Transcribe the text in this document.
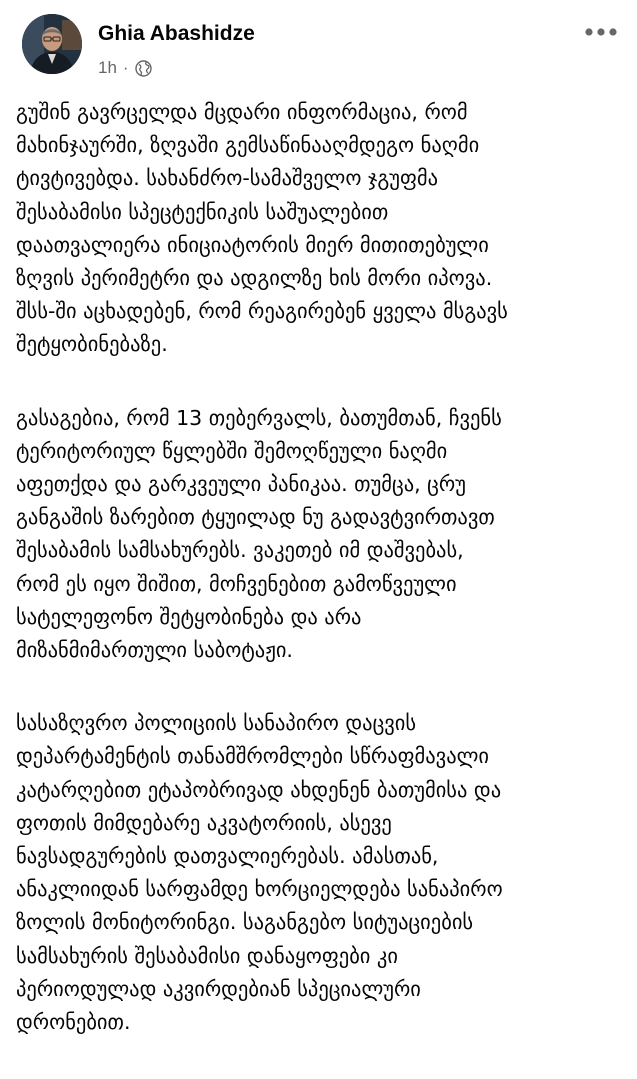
Ghia Abashidze
1h ·

გუშინ გავრცელდა მცდარი ინფორმაცია, რომ
მახინჯაურში, ზღვაში გემსაწინააღმდეგო ნაღმი
ტივტივებდა. სახანძრო-სამაშველო ჯგუფმა
შესაბამისი სპეცტექნიკის საშუალებით
დაათვალიერა ინიციატორის მიერ მითითებული
ზღვის პერიმეტრი და ადგილზე ხის მორი იპოვა.
შსს-ში აცხადებენ, რომ რეაგირებენ ყველა მსგავს
შეტყობინებაზე.

გასაგებია, რომ 13 თებერვალს, ბათუმთან, ჩვენს
ტერიტორიულ წყლებში შემოღწეული ნაღმი
აფეთქდა და გარკვეული პანიკაა. თუმცა, ცრუ
განგაშის ზარებით ტყუილად ნუ გადავტვირთავთ
შესაბამის სამსახურებს. ვაკეთებ იმ დაშვებას,
რომ ეს იყო შიშით, მოჩვენებით გამოწვეული
სატელეფონო შეტყობინება და არა
მიზანმიმართული საბოტაჟი.

სასაზღვრო პოლიციის სანაპირო დაცვის
დეპარტამენტის თანამშრომლები სწრაფმავალი
კატარღებით ეტაპობრივად ახდენენ ბათუმისა და
ფოთის მიმდებარე აკვატორიის, ასევე
ნავსადგურების დათვალიერებას. ამასთან,
ანაკლიიდან სარფამდე ხორციელდება სანაპირო
ზოლის მონიტორინგი. საგანგებო სიტუაციების
სამსახურის შესაბამისი დანაყოფები კი
პერიოდულად აკვირდებიან სპეციალური
დრონებით.
